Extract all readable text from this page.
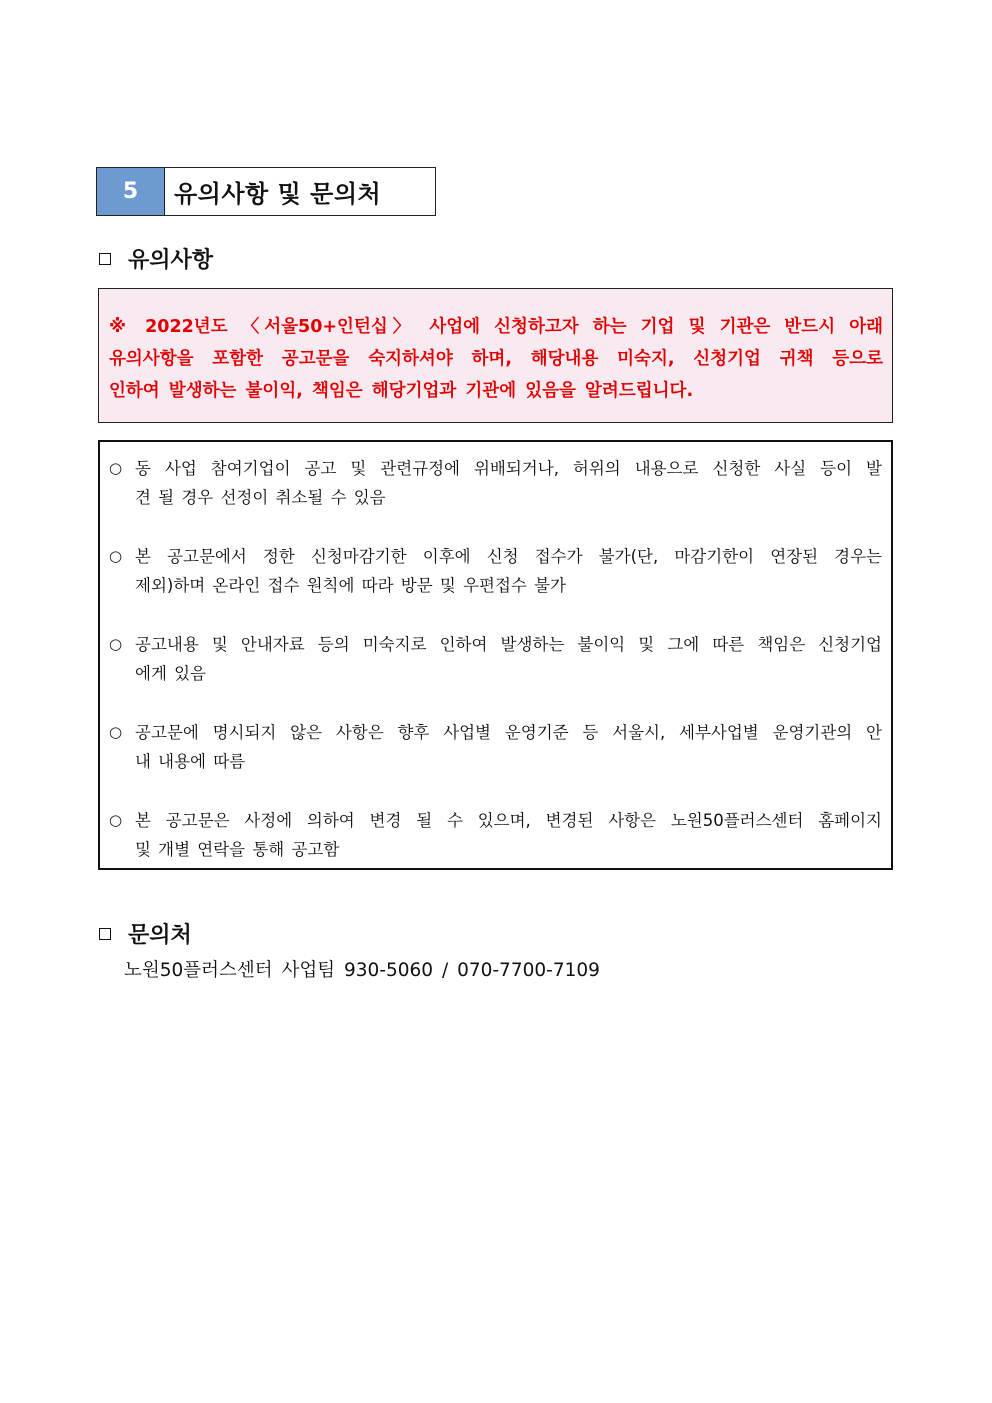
5	유의사항 및 문의처
유의사항

※ 2022년도 〈서울50+인턴십〉 사업에 신청하고자 하는 기업 및 기관은 반드시 아래

유의사항을 포함한 공고문을 숙지하셔야 하며, 해당내용 미숙지, 신청기업 귀책 등으로

인하여 발생하는 불이익, 책임은 해당기업과 기관에 있음을 알려드립니다.

○ 동 사업 참여기업이 공고 및 관련규정에 위배되거나, 허위의 내용으로 신청한 사실 등이 발
견 될 경우 선정이 취소될 수 있음
○ 본 공고문에서 정한 신청마감기한 이후에 신청 접수가 불가(단, 마감기한이 연장된 경우는
제외)하며 온라인 접수 원칙에 따라 방문 및 우편접수 불가
○ 공고내용 및 안내자료 등의 미숙지로 인하여 발생하는 불이익 및 그에 따른 책임은 신청기업
에게 있음
○ 공고문에 명시되지 않은 사항은 향후 사업별 운영기준 등 서울시, 세부사업별 운영기관의 안
내 내용에 따름
○ 본 공고문은 사정에 의하여 변경 될 수 있으며, 변경된 사항은 노원50플러스센터 홈페이지
및 개별 연락을 통해 공고함
문의처
노원50플러스센터 사업팀 930-5060 / 070-7700-7109
